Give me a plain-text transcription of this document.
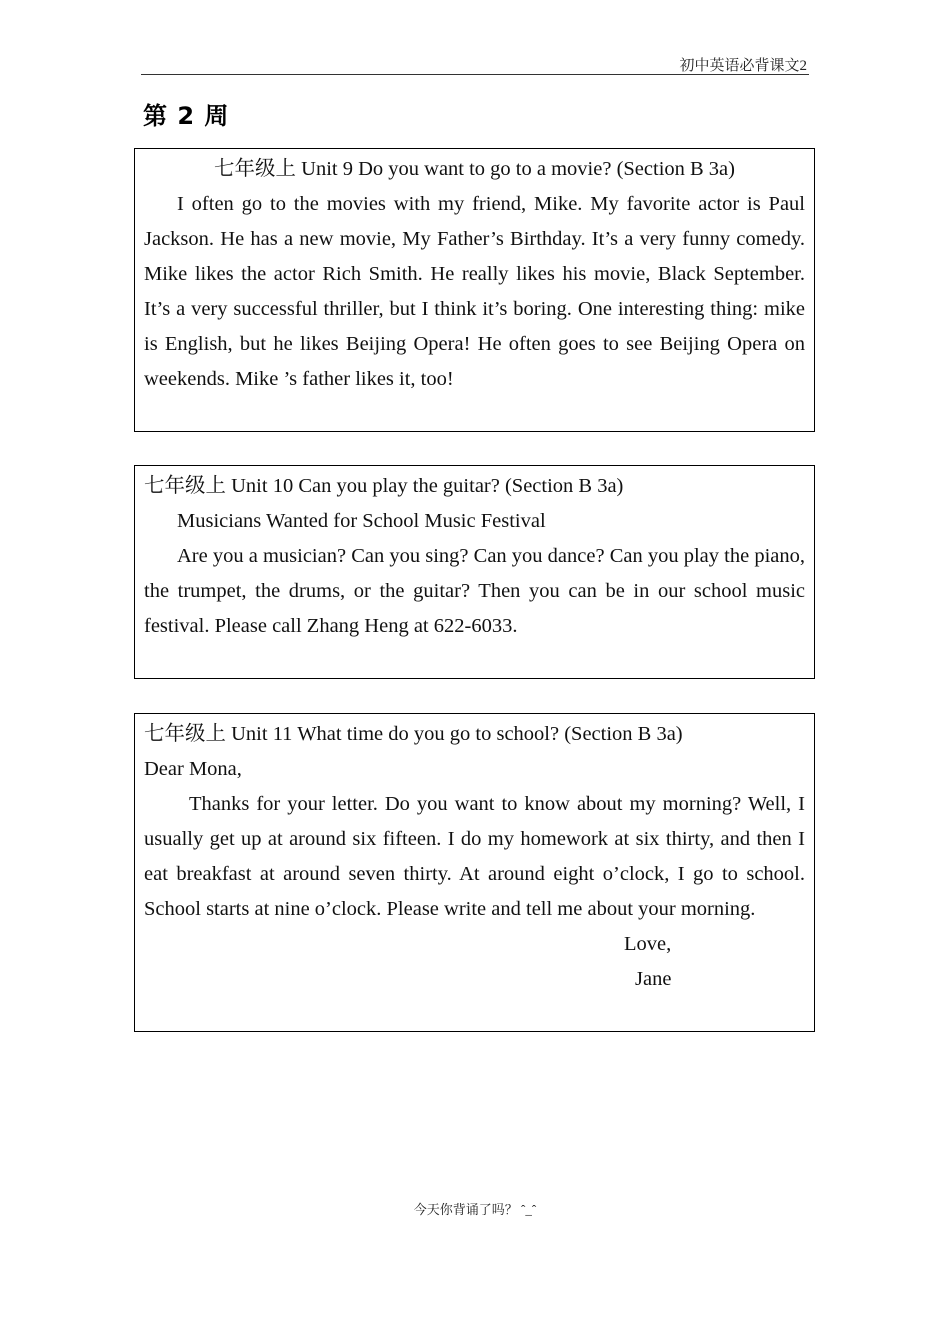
初中英语必背课文2
第 2 周

七年级上 Unit 9 Do you want to go to a movie? (Section B 3a)

I often go to the movies with my friend, Mike. My favorite actor is Paul Jackson. He has a new movie, My Father’s Birthday. It’s a very funny comedy. Mike likes the actor Rich Smith. He really likes his movie, Black September. It’s a very successful thriller, but I think it’s boring. One interesting thing: mike is English, but he likes Beijing Opera! He often goes to see Beijing Opera on weekends. Mike ’s father likes it, too!

七年级上 Unit 10 Can you play the guitar? (Section B 3a)

Musicians Wanted for School Music Festival

Are you a musician? Can you sing? Can you dance? Can you play the piano, the trumpet, the drums, or the guitar? Then you can be in our school music festival. Please call Zhang Heng at 622-6033.

七年级上 Unit 11 What time do you go to school? (Section B 3a)

Dear Mona,

Thanks for your letter. Do you want to know about my morning? Well, I usually get up at around six fifteen. I do my homework at six thirty, and then I eat breakfast at around seven thirty. At around eight o’clock, I go to school. School starts at nine o’clock. Please write and tell me about your morning.

Love,

Jane

今天你背诵了吗？ ˆ_ˆ
